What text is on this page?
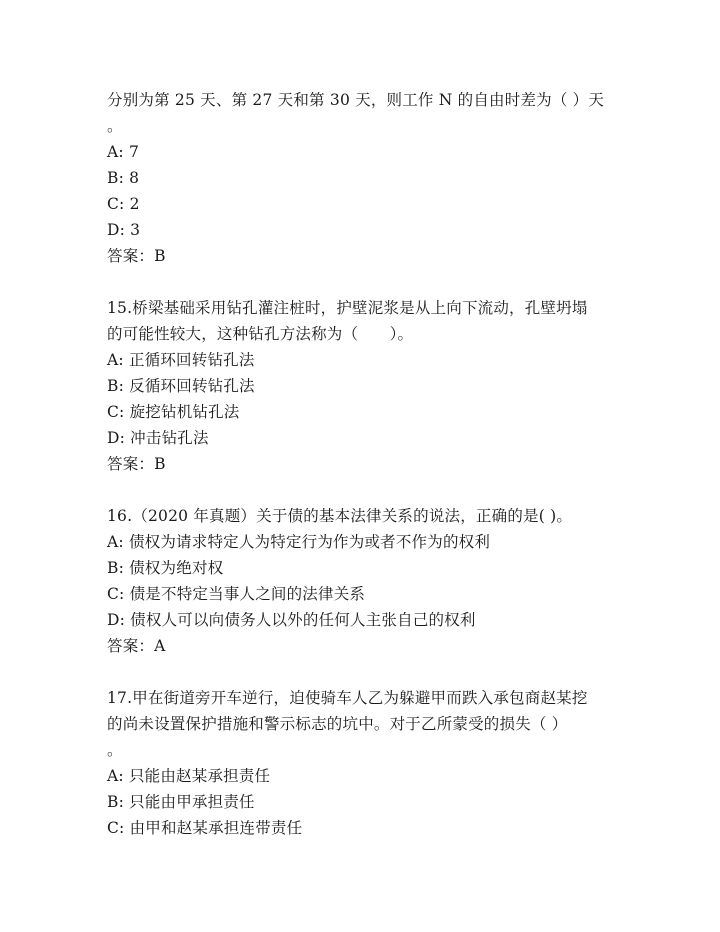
分别为第 25 天、第 27 天和第 30 天，则工作 N 的自由时差为（ ）天
。
A: 7
B: 8
C: 2
D: 3
答案：B
15.桥梁基础采用钻孔灌注桩时，护壁泥浆是从上向下流动，孔壁坍塌
的可能性较大，这种钻孔方法称为（　　）。
A: 正循环回转钻孔法
B: 反循环回转钻孔法
C: 旋挖钻机钻孔法
D: 冲击钻孔法
答案：B
16.（2020 年真题）关于债的基本法律关系的说法，正确的是( )。
A: 债权为请求特定人为特定行为作为或者不作为的权利
B: 债权为绝对权
C: 债是不特定当事人之间的法律关系
D: 债权人可以向债务人以外的任何人主张自己的权利
答案：A
17.甲在街道旁开车逆行，迫使骑车人乙为躲避甲而跌入承包商赵某挖
的尚未设置保护措施和警示标志的坑中。对于乙所蒙受的损失（ ）
。
A: 只能由赵某承担责任
B: 只能由甲承担责任
C: 由甲和赵某承担连带责任
